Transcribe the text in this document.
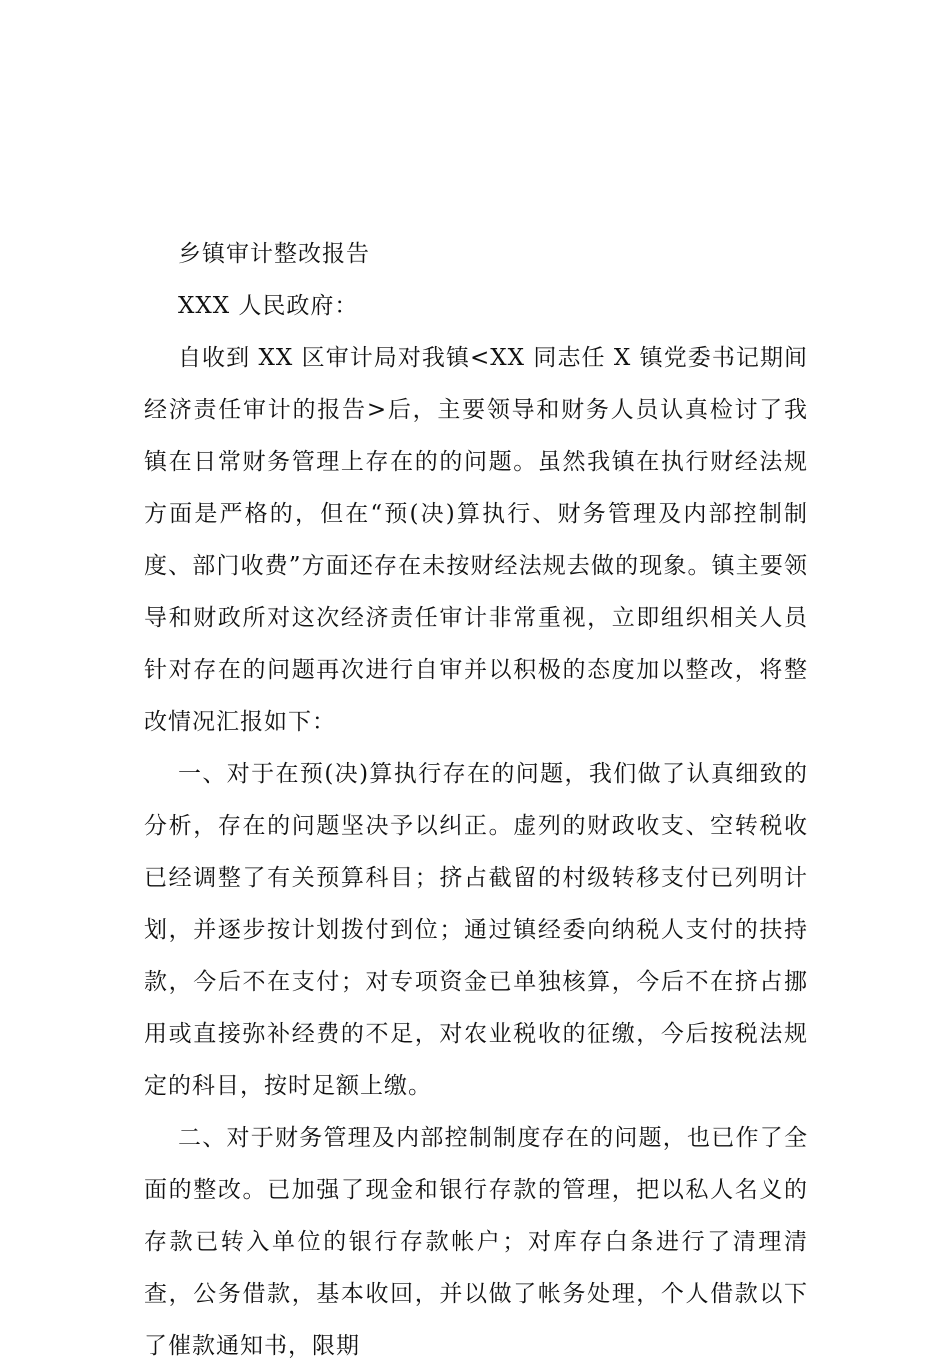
乡镇审计整改报告

XXX 人民政府：

自收到 XX 区审计局对我镇<XX 同志任 X 镇党委书记期间经济责任审计的报告>后，主要领导和财务人员认真检讨了我镇在日常财务管理上存在的的问题。虽然我镇在执行财经法规方面是严格的，但在“预(决)算执行、财务管理及内部控制制度、部门收费”方面还存在未按财经法规去做的现象。镇主要领导和财政所对这次经济责任审计非常重视，立即组织相关人员针对存在的问题再次进行自审并以积极的态度加以整改，将整改情况汇报如下：

一、对于在预(决)算执行存在的问题，我们做了认真细致的分析，存在的问题坚决予以纠正。虚列的财政收支、空转税收已经调整了有关预算科目；挤占截留的村级转移支付已列明计划，并逐步按计划拨付到位；通过镇经委向纳税人支付的扶持款，今后不在支付；对专项资金已单独核算，今后不在挤占挪用或直接弥补经费的不足，对农业税收的征缴，今后按税法规定的科目，按时足额上缴。

二、对于财务管理及内部控制制度存在的问题，也已作了全面的整改。已加强了现金和银行存款的管理，把以私人名义的存款已转入单位的银行存款帐户；对库存白条进行了清理清查，公务借款，基本收回，并以做了帐务处理，个人借款以下了催款通知书，限期
